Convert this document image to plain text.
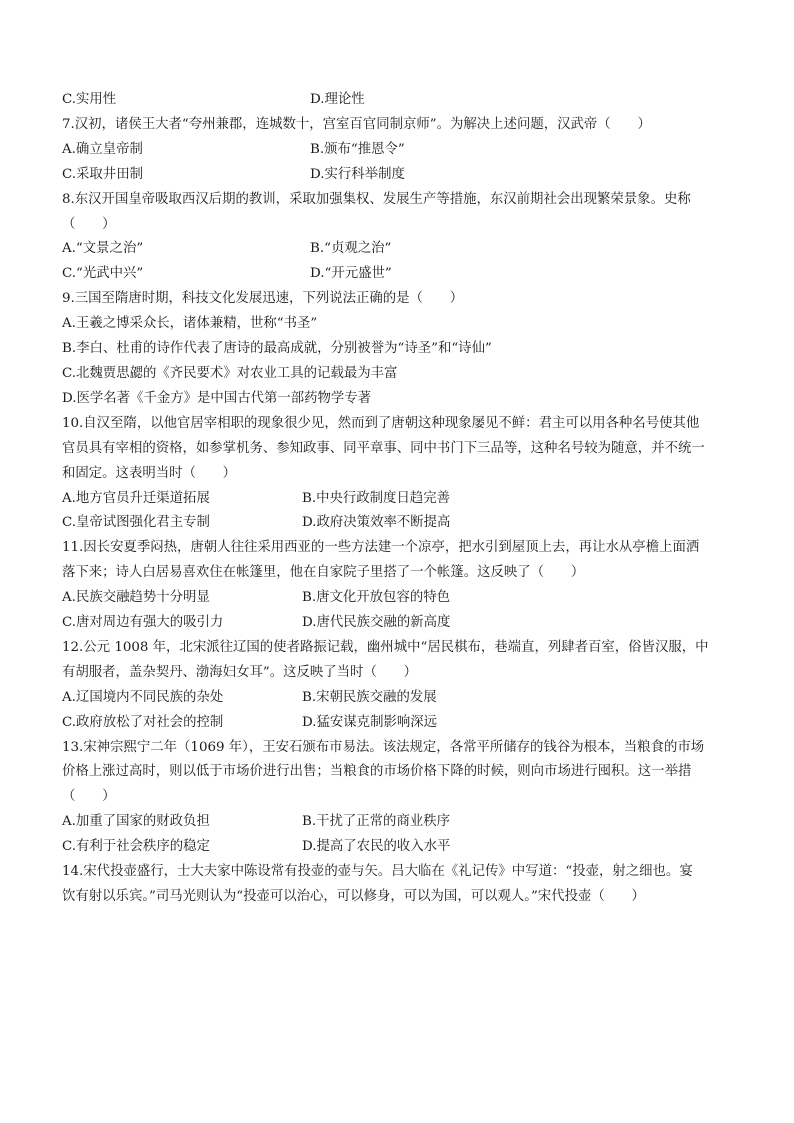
C.实用性	D.理论性
7.汉初，诸侯王大者“夸州兼郡，连城数十，宫室百官同制京师”。为解决上述问题，汉武帝（　　）
A.确立皇帝制	B.颁布“推恩令”
C.采取井田制	D.实行科举制度
8.东汉开国皇帝吸取西汉后期的教训，采取加强集权、发展生产等措施，东汉前期社会出现繁荣景象。史称
（　　）
A.“文景之治”	B.“贞观之治”
C.“光武中兴”	D.“开元盛世”
9.三国至隋唐时期，科技文化发展迅速，下列说法正确的是（　　）
A.王羲之博采众长，诸体兼精，世称“书圣”
B.李白、杜甫的诗作代表了唐诗的最高成就，分别被誉为“诗圣”和“诗仙”
C.北魏贾思勰的《齐民要术》对农业工具的记载最为丰富
D.医学名著《千金方》是中国古代第一部药物学专著
10.自汉至隋，以他官居宰相职的现象很少见，然而到了唐朝这种现象屡见不鲜：君主可以用各种名号使其他
官员具有宰相的资格，如参掌机务、参知政事、同平章事、同中书门下三品等，这种名号较为随意，并不统一
和固定。这表明当时（　　）
A.地方官员升迁渠道拓展	B.中央行政制度日趋完善
C.皇帝试图强化君主专制	D.政府决策效率不断提高
11.因长安夏季闷热，唐朝人往往采用西亚的一些方法建一个凉亭，把水引到屋顶上去，再让水从亭檐上面洒
落下来；诗人白居易喜欢住在帐篷里，他在自家院子里搭了一个帐篷。这反映了（　　）
A.民族交融趋势十分明显	B.唐文化开放包容的特色
C.唐对周边有强大的吸引力	D.唐代民族交融的新高度
12.公元 1008 年，北宋派往辽国的使者路振记载，幽州城中“居民棋布，巷端直，列肆者百室，俗皆汉服，中
有胡服者，盖杂契丹、渤海妇女耳”。这反映了当时（　　）
A.辽国境内不同民族的杂处	B.宋朝民族交融的发展
C.政府放松了对社会的控制	D.猛安谋克制影响深远
13.宋神宗熙宁二年（1069 年），王安石颁布市易法。该法规定，各常平所储存的钱谷为根本，当粮食的市场
价格上涨过高时，则以低于市场价进行出售；当粮食的市场价格下降的时候，则向市场进行囤积。这一举措
（　　）
A.加重了国家的财政负担	B.干扰了正常的商业秩序
C.有利于社会秩序的稳定	D.提高了农民的收入水平
14.宋代投壶盛行，士大夫家中陈设常有投壶的壶与矢。吕大临在《礼记传》中写道：“投壶，射之细也。宴
饮有射以乐宾。”司马光则认为“投壶可以治心，可以修身，可以为国，可以观人。”宋代投壶（　　）
